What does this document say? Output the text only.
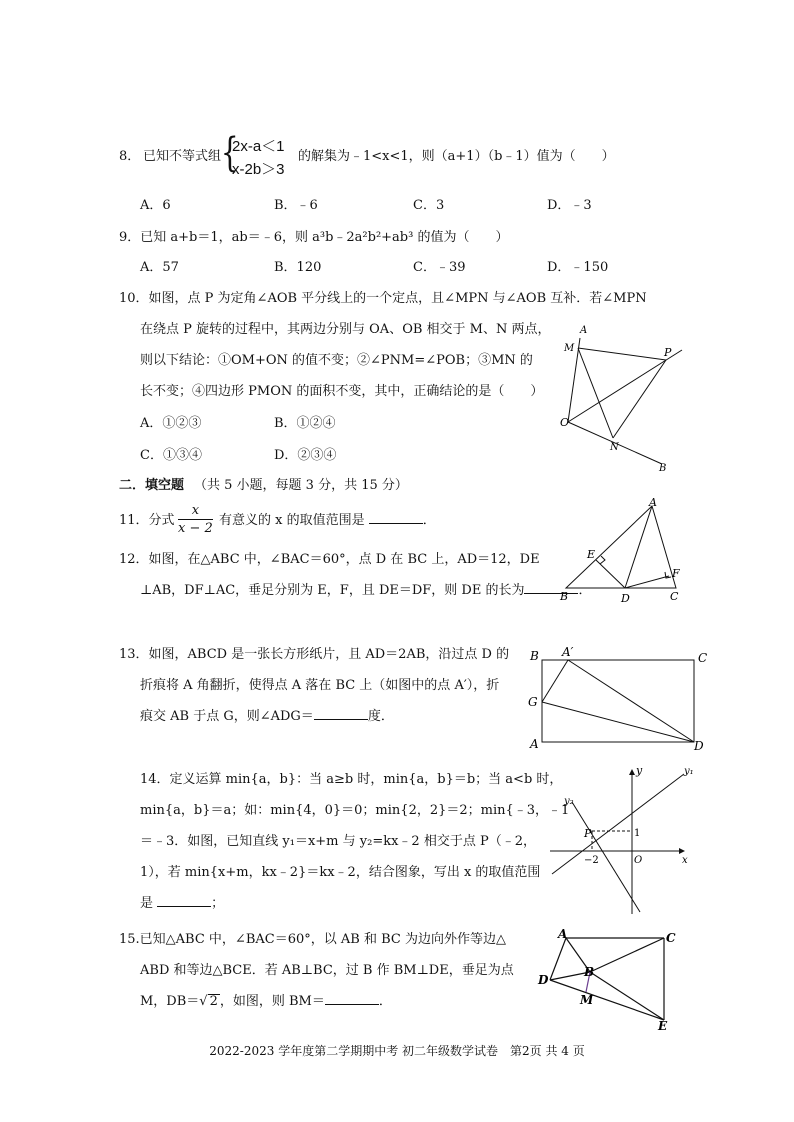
8． 已知不等式组 {
2x-a＜1
x-2b＞3
的解集为﹣1<x<1，则（a+1）（b﹣1）值为（　　）
A．6	B．﹣6	C．3	D．﹣3
9．已知 a+b＝1，ab＝﹣6，则 a³b﹣2a²b²+ab³ 的值为（　　）
A．57	B．120	C．﹣39	D．﹣150
10．如图，点 P 为定角∠AOB 平分线上的一个定点，且∠MPN 与∠AOB 互补．若∠MPN
在绕点 P 旋转的过程中，其两边分别与 OA、OB 相交于 M、N 两点，
则以下结论：①OM+ON 的值不变；②∠PNM=∠POB；③MN 的
长不变；④四边形 PMON 的面积不变，其中，正确结论的是（　　）
A．①②③	B．①②④
C．①③④	D．②③④
A
M	P
O
N
B
二．填空题 （共 5 小题，每题 3 分，共 15 分）
11．分式 $\frac{x}{x - 2}$ 有意义的 x 的取值范围是	．
12．如图，在△ABC 中，∠BAC＝60°，点 D 在 BC 上，AD＝12，DE
⊥AB，DF⊥AC，垂足分别为 E，F，且 DE＝DF，则 DE 的长为	．
A
E
F
B	D	C
13．如图，ABCD 是一张长方形纸片，且 AD＝2AB，沿过点 D 的
折痕将 A 角翻折，使得点 A 落在 BC 上（如图中的点 A′），折
痕交 AB 于点 G，则∠ADG＝	度．
B A′	C
G
A	D
14．定义运算 min{a，b}：当 a≥b 时，min{a，b}＝b；当 a<b 时，
min{a，b}＝a；如：min{4，0}＝0；min{2，2}＝2；min{﹣3，﹣1
＝﹣3．如图，已知直线 y₁＝x+m 与 y₂=kx﹣2 相交于点 P（﹣2，
1），若 min{x+m，kx﹣2}＝kx﹣2，结合图象，写出 x 的取值范围
是	；
y	y₁
y₂
P	1
−2	O	x
15.已知△ABC 中，∠BAC＝60°，以 AB 和 BC 为边向外作等边△
ABD 和等边△BCE．若 AB⊥BC，过 B 作 BM⊥DE，垂足为点
M，DB＝√ 2 ，如图，则 BM＝	．
A	C
D
B
M
E
2022-2023 学年度第二学期期中考 初二年级数学试卷　第2页 共 4 页
